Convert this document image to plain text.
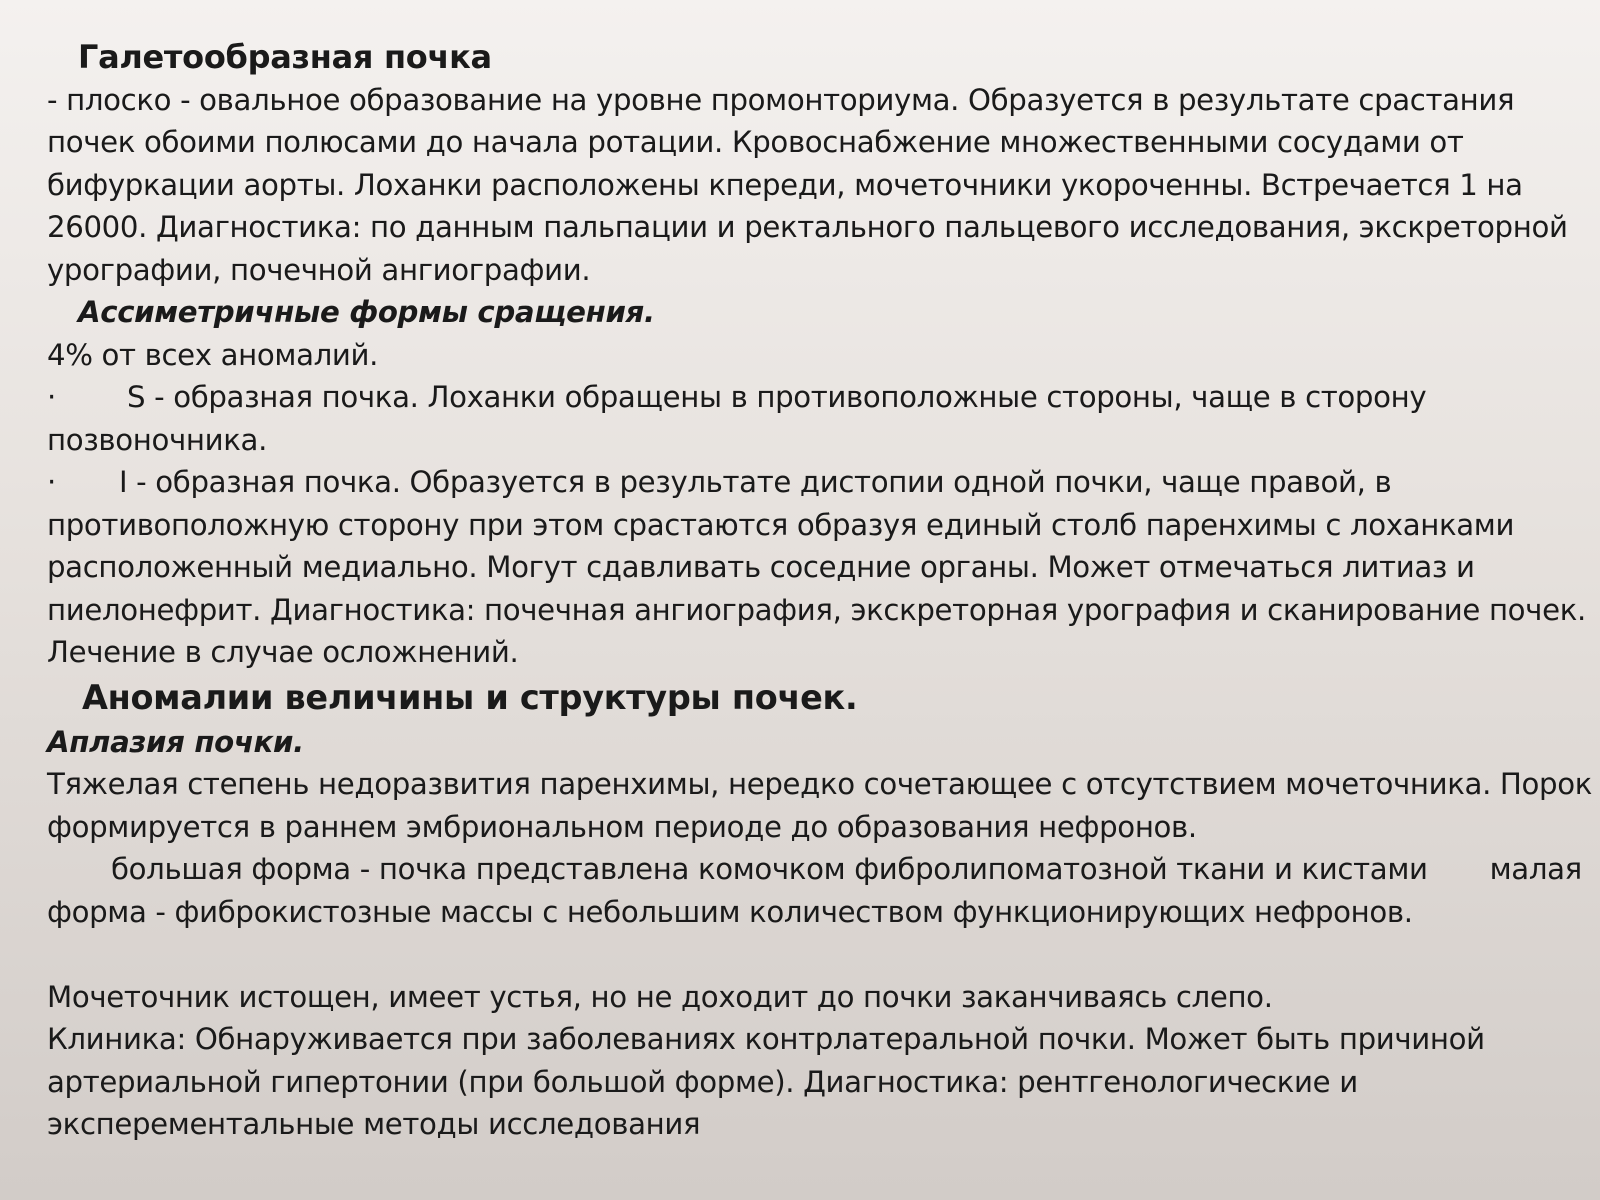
Галетообразная почка
- плоско - овальное образование на уровне промонториума. Образуется в результате срастания
почек обоими полюсами до начала ротации. Кровоснабжение множественными сосудами от
бифуркации аорты. Лоханки расположены кпереди, мочеточники укороченны. Встречается 1 на
26000. Диагностика: по данным пальпации и ректального пальцевого исследования, экскреторной
урографии, почечной ангиографии.
Ассиметричные формы сращения.
4% от всех аномалий.
· S - образная почка. Лоханки обращены в противоположные стороны, чаще в сторону
позвоночника.
· I - образная почка. Образуется в результате дистопии одной почки, чаще правой, в
противоположную сторону при этом срастаются образуя единый столб паренхимы с лоханками
расположенный медиально. Могут сдавливать соседние органы. Может отмечаться литиаз и
пиелонефрит. Диагностика: почечная ангиография, экскреторная урография и сканирование почек.
Лечение в случае осложнений.
Аномалии величины и структуры почек.
Аплазия почки.
Тяжелая степень недоразвития паренхимы, нередко сочетающее с отсутствием мочеточника. Порок
формируется в раннем эмбриональном периоде до образования нефронов.
большая форма - почка представлена комочком фибролипоматозной ткани и кистами малая
форма - фиброкистозные массы с небольшим количеством функционирующих нефронов.
Мочеточник истощен, имеет устья, но не доходит до почки заканчиваясь слепо.
Клиника: Обнаруживается при заболеваниях контрлатеральной почки. Может быть причиной
артериальной гипертонии (при большой форме). Диагностика: рентгенологические и
эксперементальные методы исследования
